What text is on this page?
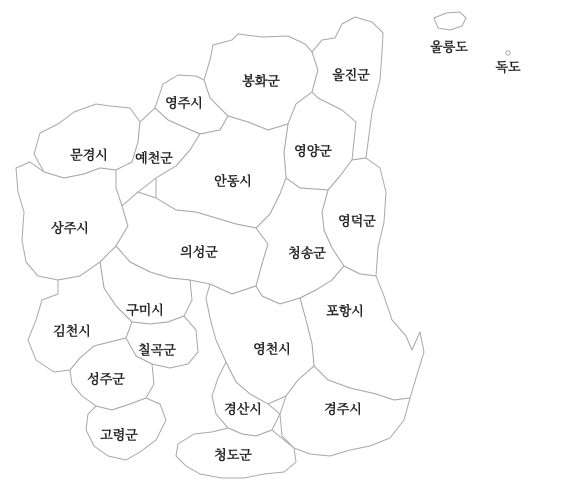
봉화군	울진군
영주시
문경시 예천군	영양군
안동시
상주시	영덕군
의성군	청송군
구미시	포항시
김천시
칠곡군	영천시
성주군
경산시	경주시
고령군
청도군
울릉도
독도
